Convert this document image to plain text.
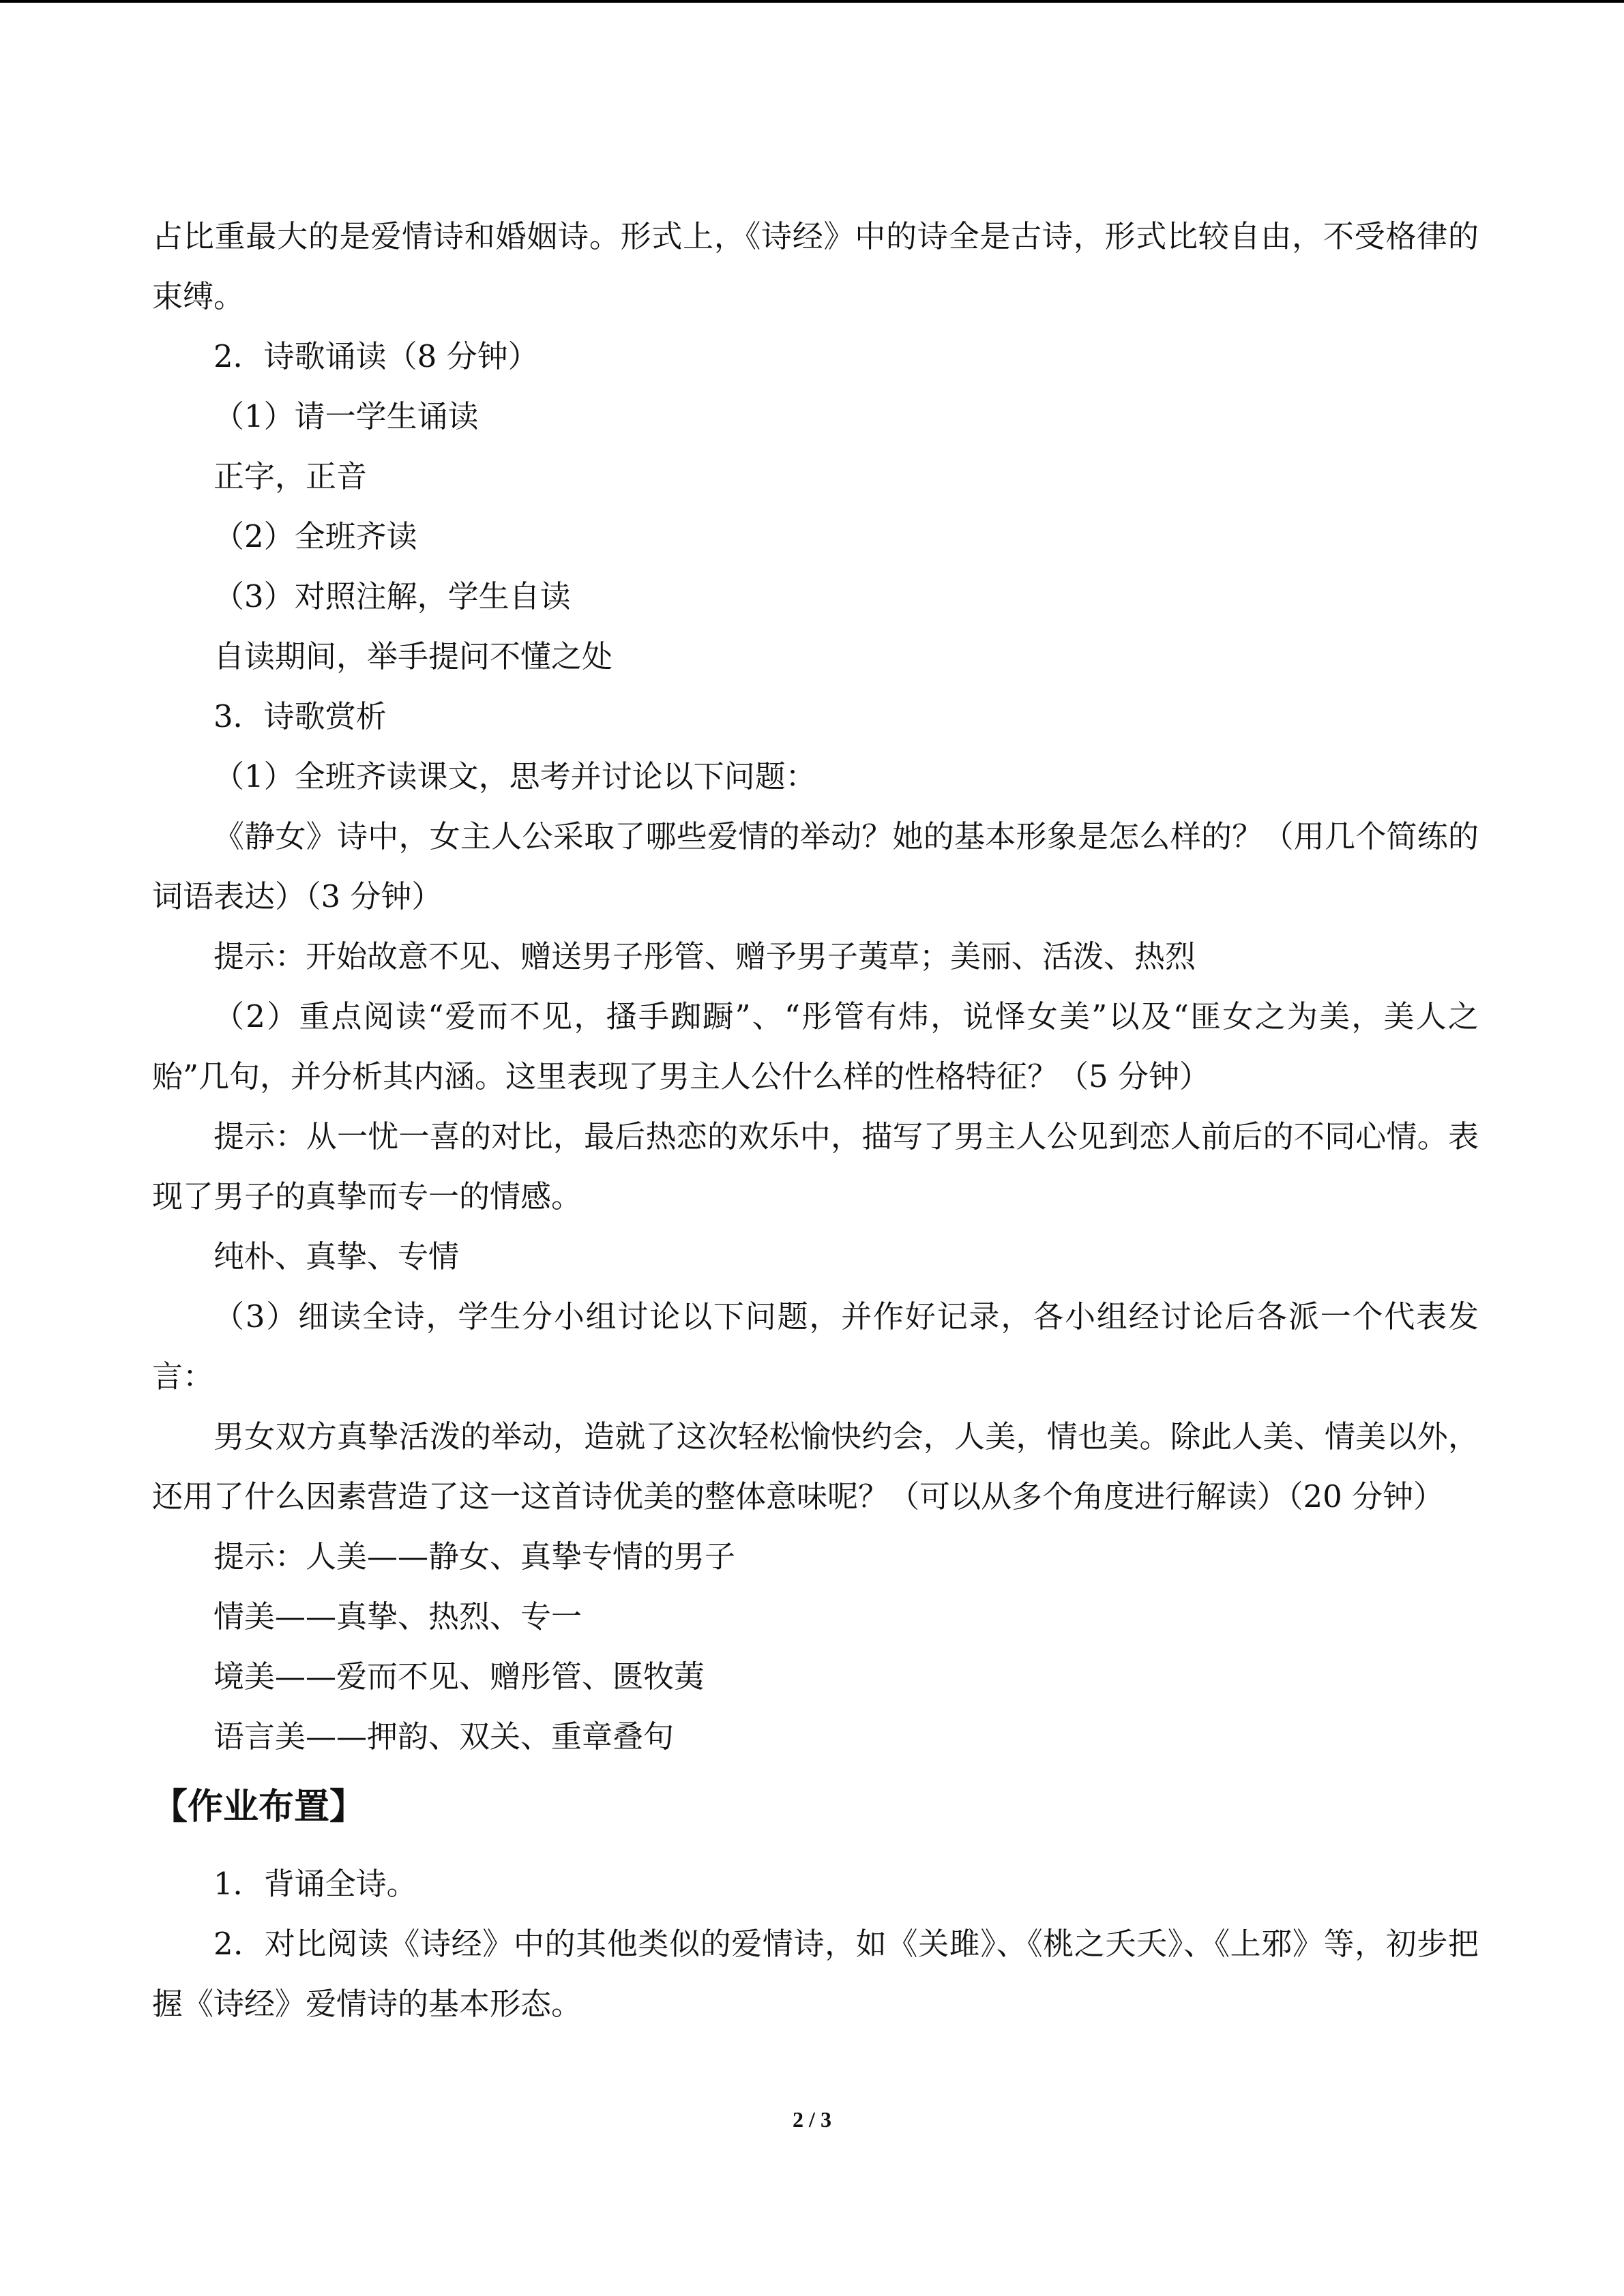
占比重最大的是爱情诗和婚姻诗。形式上，《诗经》中的诗全是古诗，形式比较自由，不受格律的束缚。

2．诗歌诵读（8 分钟）

（1）请一学生诵读

正字，正音

（2）全班齐读

（3）对照注解，学生自读

自读期间，举手提问不懂之处

3．诗歌赏析

（1）全班齐读课文，思考并讨论以下问题：

《静女》诗中，女主人公采取了哪些爱情的举动？她的基本形象是怎么样的？（用几个简练的词语表达）（3 分钟）

提示：开始故意不见、赠送男子彤管、赠予男子荑草；美丽、活泼、热烈

（2）重点阅读“爱而不见，搔手踟蹰”、“彤管有炜，说怿女美”以及“匪女之为美，美人之贻”几句，并分析其内涵。这里表现了男主人公什么样的性格特征？（5 分钟）

提示：从一忧一喜的对比，最后热恋的欢乐中，描写了男主人公见到恋人前后的不同心情。表现了男子的真挚而专一的情感。

纯朴、真挚、专情

（3）细读全诗，学生分小组讨论以下问题，并作好记录，各小组经讨论后各派一个代表发言：

男女双方真挚活泼的举动，造就了这次轻松愉快约会，人美，情也美。除此人美、情美以外，还用了什么因素营造了这一这首诗优美的整体意味呢？（可以从多个角度进行解读）（20 分钟）

提示：人美——静女、真挚专情的男子

情美——真挚、热烈、专一

境美——爱而不见、赠彤管、匮牧荑

语言美——押韵、双关、重章叠句

【作业布置】

1．背诵全诗。

2．对比阅读《诗经》中的其他类似的爱情诗，如《关雎》、《桃之夭夭》、《上邪》等，初步把握《诗经》爱情诗的基本形态。

2 / 3
